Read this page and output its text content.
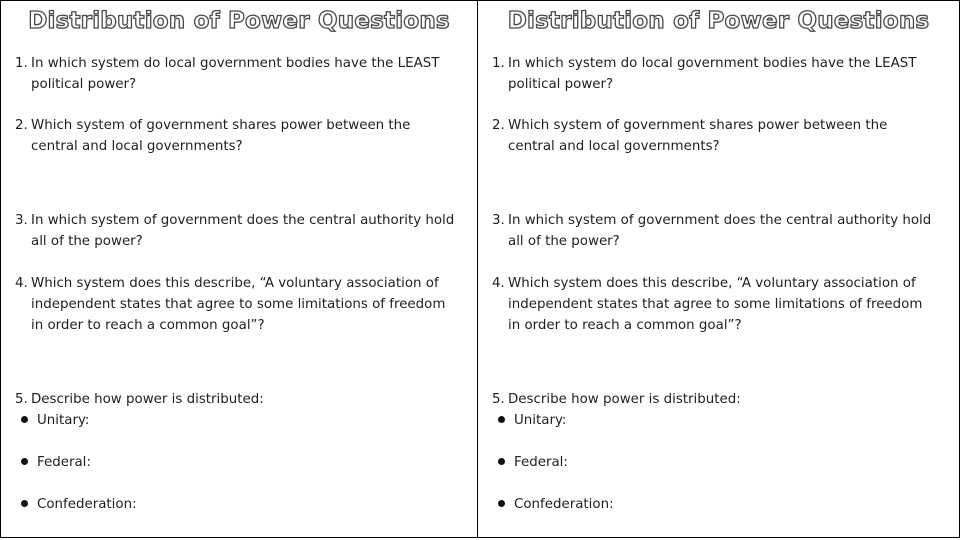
Distribution of Power Questions
1. In which system do local government bodies have the LEAST
political power?
2. Which system of government shares power between the
central and local governments?
3. In which system of government does the central authority hold
all of the power?
4. Which system does this describe, “A voluntary association of
independent states that agree to some limitations of freedom
in order to reach a common goal”?
5. Describe how power is distributed:
Unitary:
Federal:
Confederation:
Distribution of Power Questions
1. In which system do local government bodies have the LEAST
political power?
2. Which system of government shares power between the
central and local governments?
3. In which system of government does the central authority hold
all of the power?
4. Which system does this describe, “A voluntary association of
independent states that agree to some limitations of freedom
in order to reach a common goal”?
5. Describe how power is distributed:
Unitary:
Federal:
Confederation:
